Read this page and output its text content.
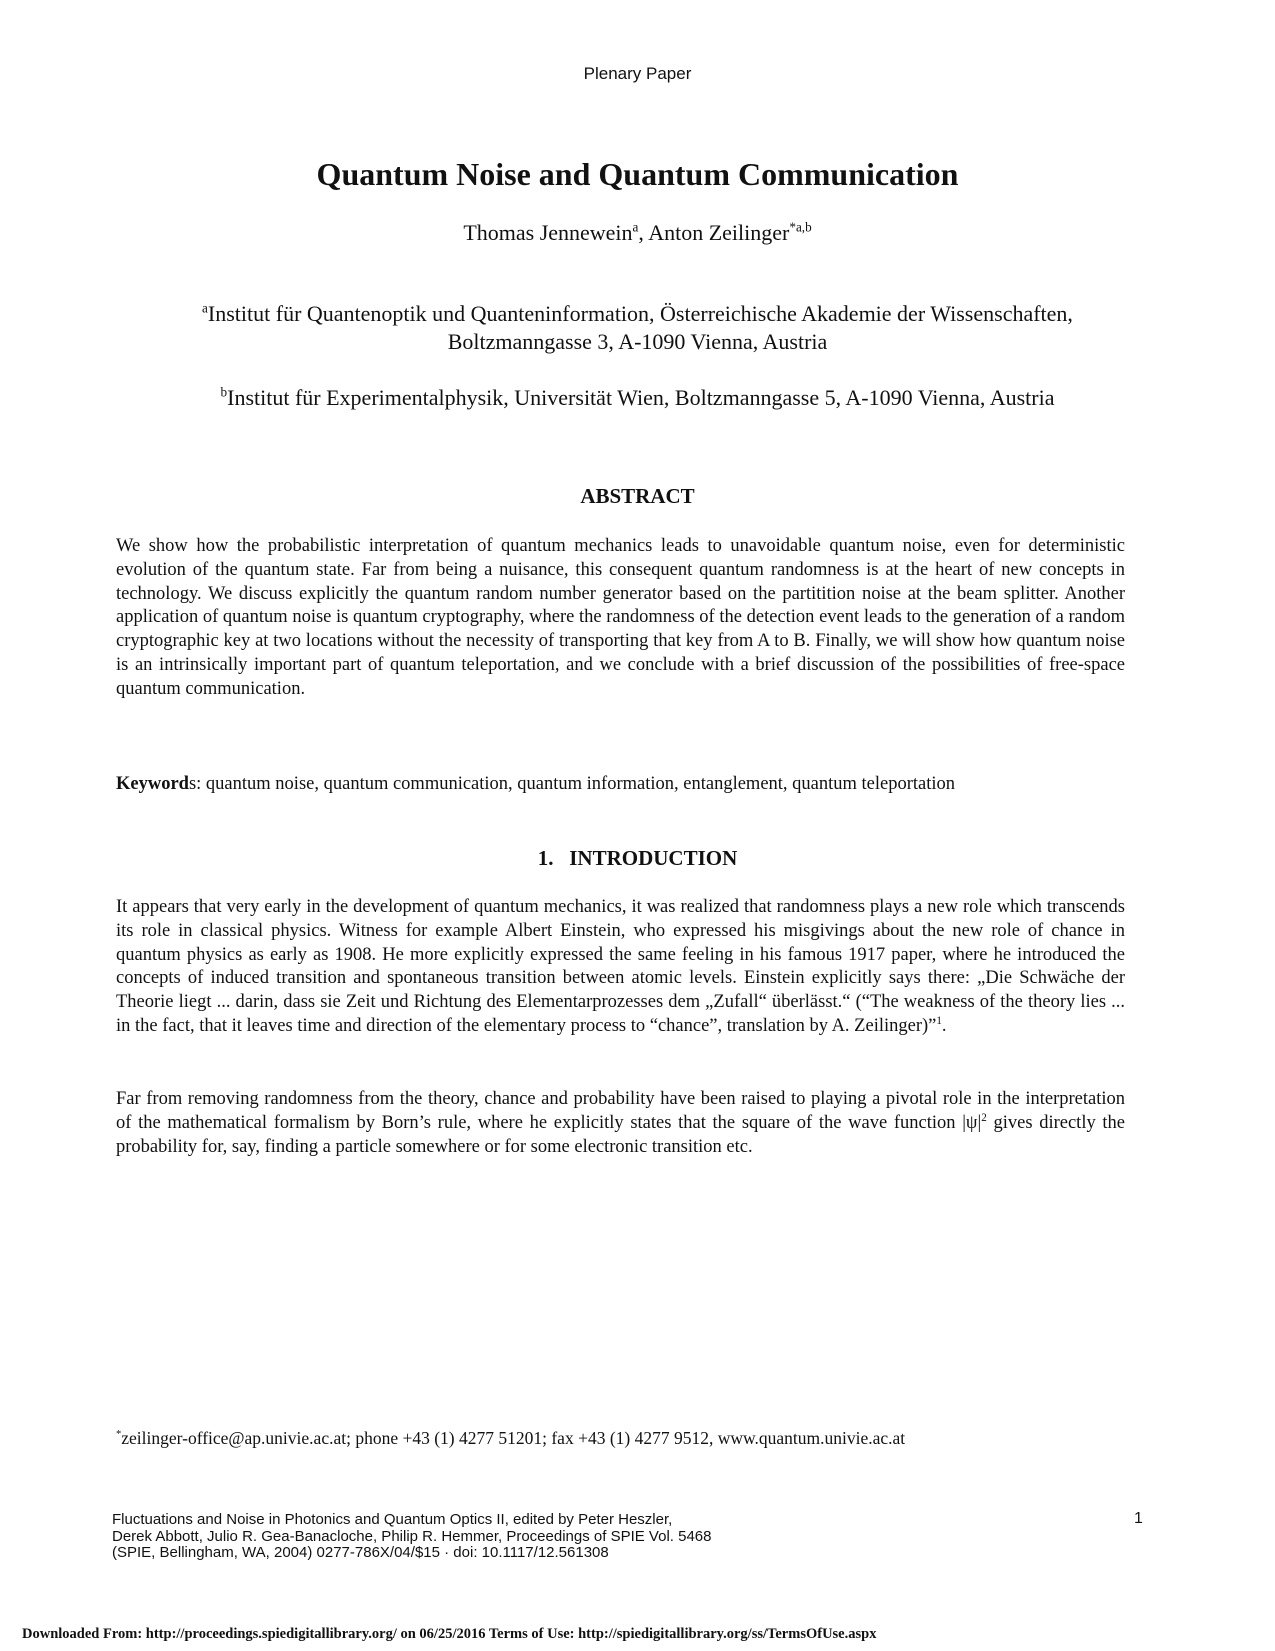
Plenary Paper
Quantum Noise and Quantum Communication
Thomas Jennewein$^a$, Anton Zeilinger$^{*a,b}$
$^a$Institut für Quantenoptik und Quanteninformation, Österreichische Akademie der Wissenschaften,
Boltzmanngasse 3, A-1090 Vienna, Austria
$^b$Institut für Experimentalphysik, Universität Wien, Boltzmanngasse 5, A-1090 Vienna, Austria
ABSTRACT
We show how the probabilistic interpretation of quantum mechanics leads to unavoidable quantum noise, even for deterministic evolution of the quantum state. Far from being a nuisance, this consequent quantum randomness is at the heart of new concepts in technology. We discuss explicitly the quantum random number generator based on the partitition noise at the beam splitter. Another application of quantum noise is quantum cryptography, where the randomness of the detection event leads to the generation of a random cryptographic key at two locations without the necessity of transporting that key from A to B. Finally, we will show how quantum noise is an intrinsically important part of quantum teleportation, and we conclude with a brief discussion of the possibilities of free-space quantum communication.
Keywords: quantum noise, quantum communication, quantum information, entanglement, quantum teleportation
1.   INTRODUCTION
It appears that very early in the development of quantum mechanics, it was realized that randomness plays a new role which transcends its role in classical physics. Witness for example Albert Einstein, who expressed his misgivings about the new role of chance in quantum physics as early as 1908. He more explicitly expressed the same feeling in his famous 1917 paper, where he introduced the concepts of induced transition and spontaneous transition between atomic levels. Einstein explicitly says there: „Die Schwäche der Theorie liegt ... darin, dass sie Zeit und Richtung des Elementarprozesses dem „Zufall“ überlässt.“ (“The weakness of the theory lies ... in the fact, that it leaves time and direction of the elementary process to “chance”, translation by A. Zeilinger)”$^1$.
Far from removing randomness from the theory, chance and probability have been raised to playing a pivotal role in the interpretation of the mathematical formalism by Born’s rule, where he explicitly states that the square of the wave function $|\psi|^2$ gives directly the probability for, say, finding a particle somewhere or for some electronic transition etc.
*zeilinger-office@ap.univie.ac.at; phone +43 (1) 4277 51201; fax +43 (1) 4277 9512, www.quantum.univie.ac.at
Fluctuations and Noise in Photonics and Quantum Optics II, edited by Peter Heszler,
Derek Abbott, Julio R. Gea-Banacloche, Philip R. Hemmer, Proceedings of SPIE Vol. 5468
(SPIE, Bellingham, WA, 2004) 0277-786X/04/$15 · doi: 10.1117/12.561308
1
Downloaded From: http://proceedings.spiedigitallibrary.org/ on 06/25/2016 Terms of Use: http://spiedigitallibrary.org/ss/TermsOfUse.aspx
